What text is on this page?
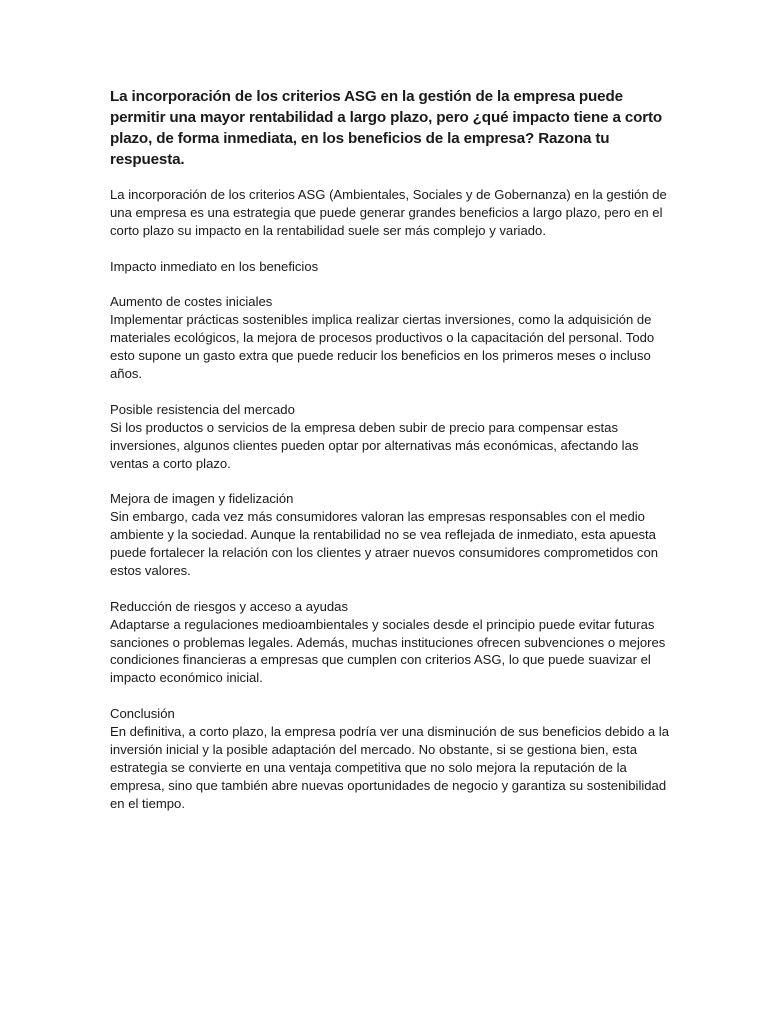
La incorporación de los criterios ASG en la gestión de la empresa puede permitir una mayor rentabilidad a largo plazo, pero ¿qué impacto tiene a corto plazo, de forma inmediata, en los beneficios de la empresa? Razona tu respuesta.

La incorporación de los criterios ASG (Ambientales, Sociales y de Gobernanza) en la gestión de una empresa es una estrategia que puede generar grandes beneficios a largo plazo, pero en el corto plazo su impacto en la rentabilidad suele ser más complejo y variado.

Impacto inmediato en los beneficios

Aumento de costes iniciales

Implementar prácticas sostenibles implica realizar ciertas inversiones, como la adquisición de materiales ecológicos, la mejora de procesos productivos o la capacitación del personal. Todo esto supone un gasto extra que puede reducir los beneficios en los primeros meses o incluso años.

Posible resistencia del mercado

Si los productos o servicios de la empresa deben subir de precio para compensar estas inversiones, algunos clientes pueden optar por alternativas más económicas, afectando las ventas a corto plazo.

Mejora de imagen y fidelización

Sin embargo, cada vez más consumidores valoran las empresas responsables con el medio ambiente y la sociedad. Aunque la rentabilidad no se vea reflejada de inmediato, esta apuesta puede fortalecer la relación con los clientes y atraer nuevos consumidores comprometidos con estos valores.

Reducción de riesgos y acceso a ayudas

Adaptarse a regulaciones medioambientales y sociales desde el principio puede evitar futuras sanciones o problemas legales. Además, muchas instituciones ofrecen subvenciones o mejores condiciones financieras a empresas que cumplen con criterios ASG, lo que puede suavizar el impacto económico inicial.

Conclusión

En definitiva, a corto plazo, la empresa podría ver una disminución de sus beneficios debido a la inversión inicial y la posible adaptación del mercado. No obstante, si se gestiona bien, esta estrategia se convierte en una ventaja competitiva que no solo mejora la reputación de la empresa, sino que también abre nuevas oportunidades de negocio y garantiza su sostenibilidad en el tiempo.
